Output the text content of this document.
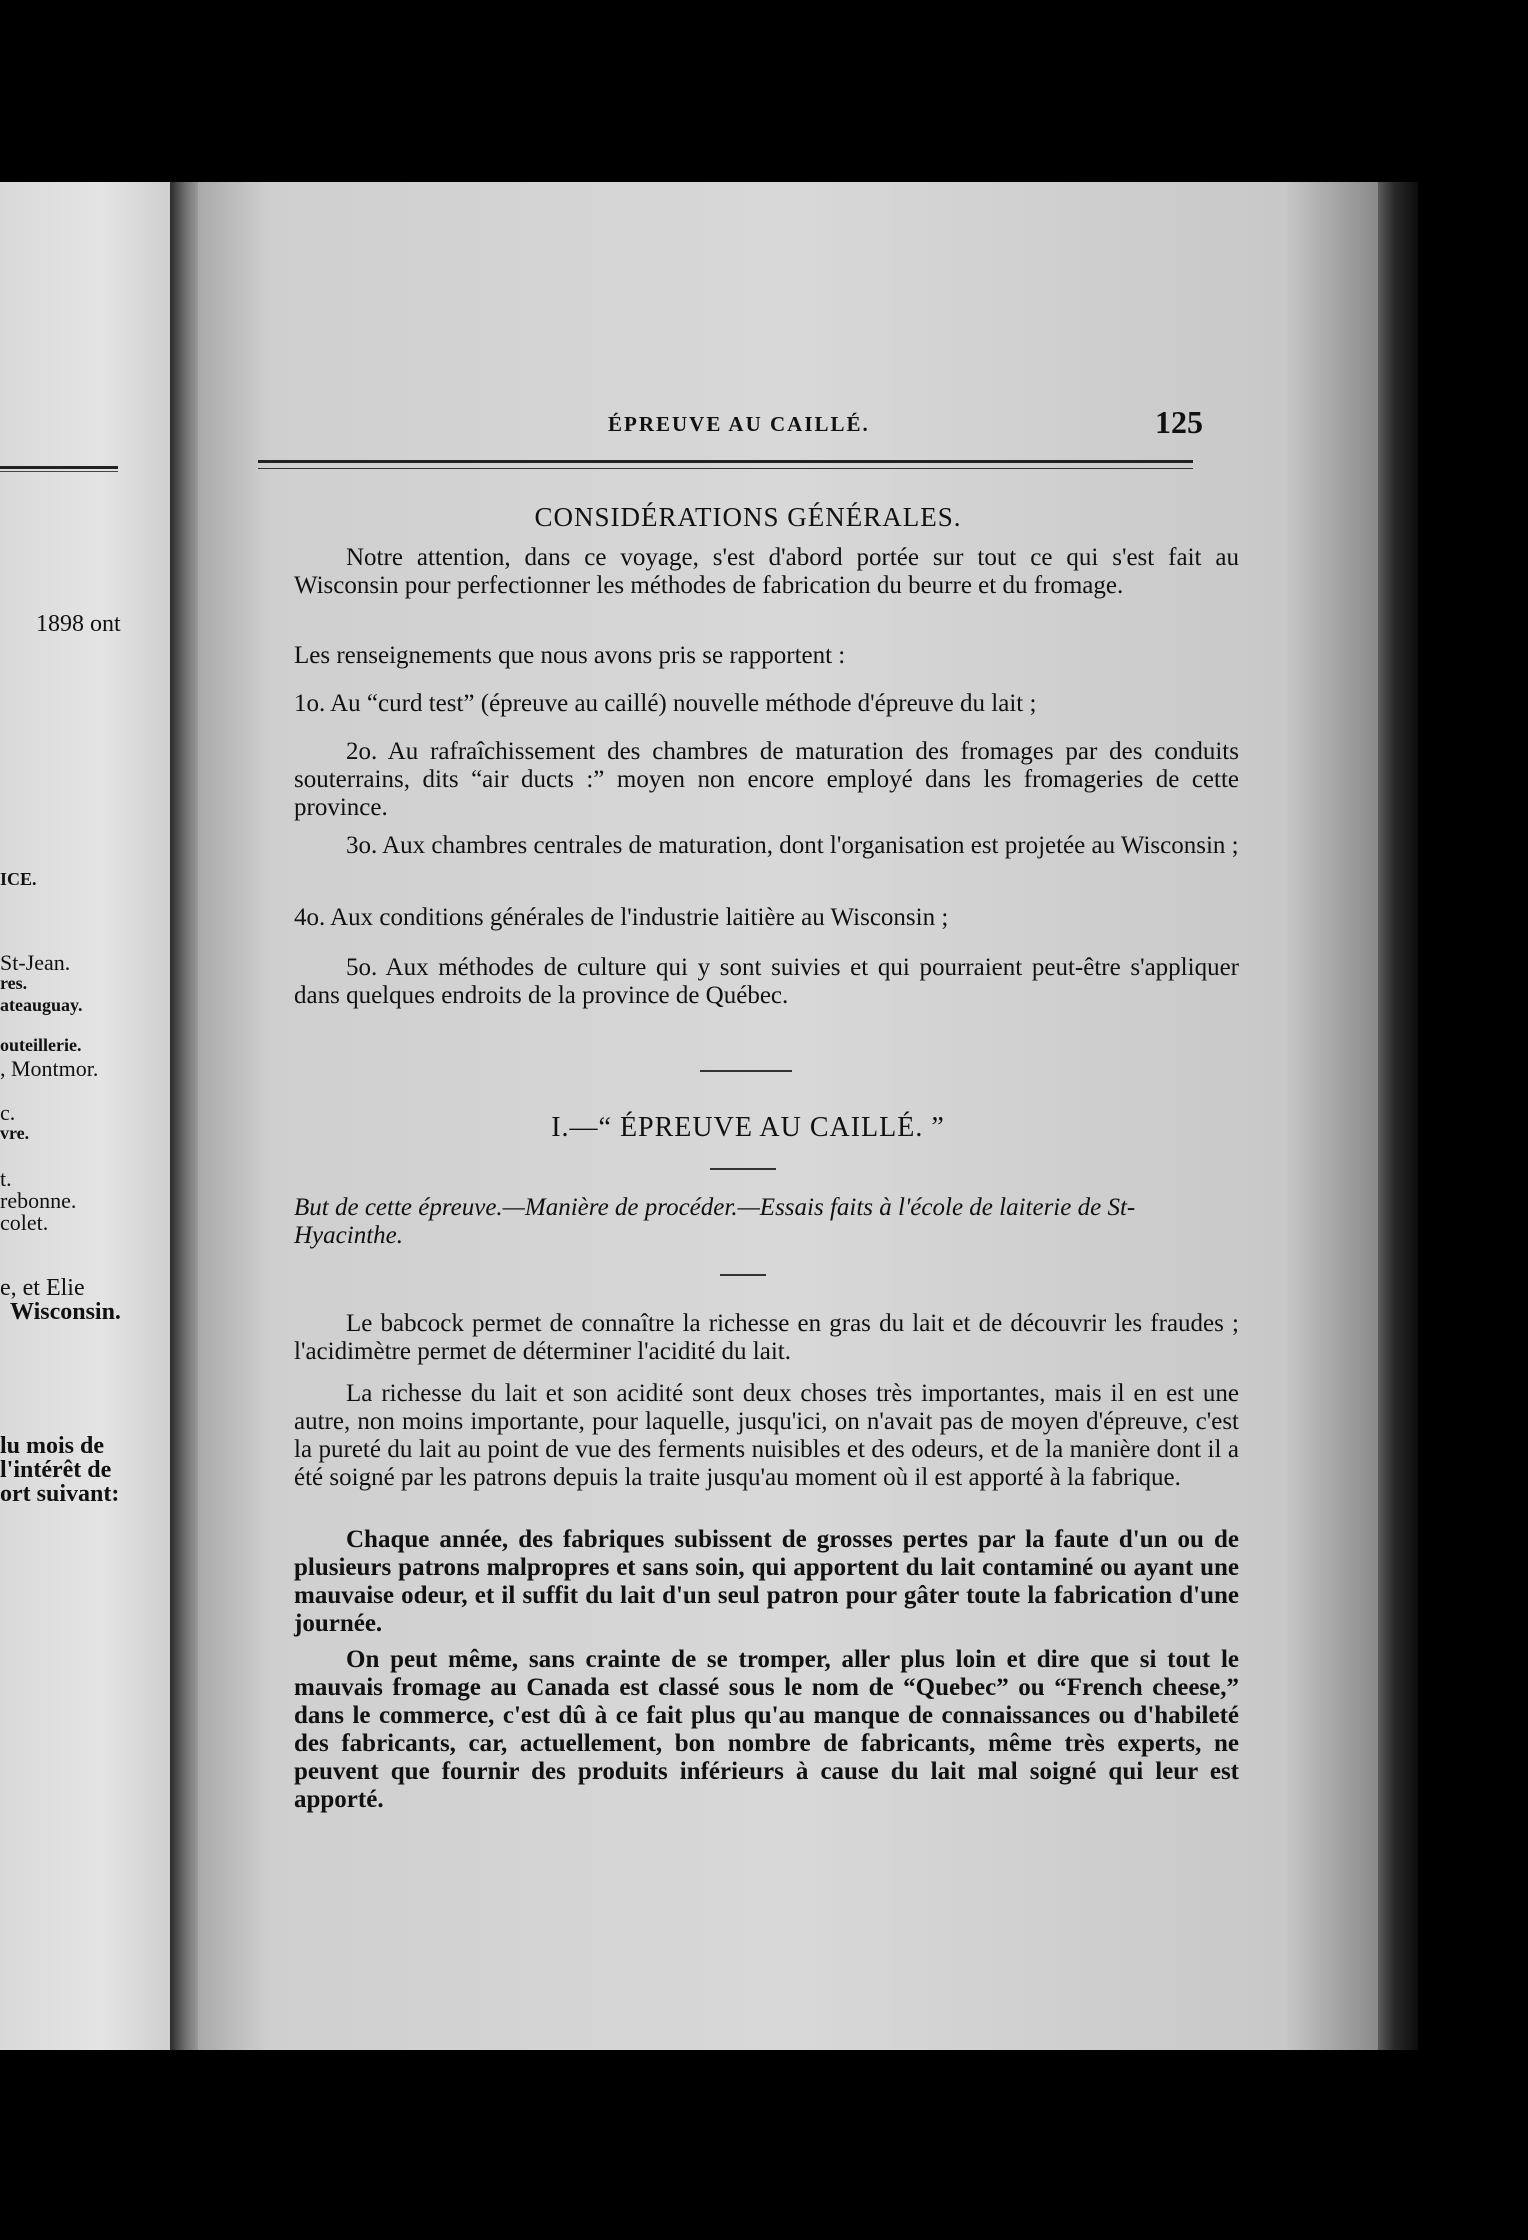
1898 ont
ICE.
St-Jean.
res.
ateauguay.
outeillerie.
, Montmor.
c.
vre.
t.
rebonne.
colet.
e, et Elie
Wisconsin.
lu mois de
l'intérêt de
ort suivant:
ÉPREUVE AU CAILLÉ.	125
CONSIDÉRATIONS GÉNÉRALES.
Notre attention, dans ce voyage, s'est d'abord portée sur tout ce qui s'est fait au Wisconsin pour perfectionner les méthodes de fabrication du beurre et du fromage.
Les renseignements que nous avons pris se rapportent :
1o. Au “curd test” (épreuve au caillé) nouvelle méthode d'épreuve du lait ;
2o. Au rafraîchissement des chambres de maturation des fromages par des conduits souterrains, dits “air ducts :” moyen non encore employé dans les fromageries de cette province.
3o. Aux chambres centrales de maturation, dont l'organisation est projetée au Wisconsin ;
4o. Aux conditions générales de l'industrie laitière au Wisconsin ;
5o. Aux méthodes de culture qui y sont suivies et qui pourraient peut-être s'appliquer dans quelques endroits de la province de Québec.
I.—“ ÉPREUVE AU CAILLÉ. ”
But de cette épreuve.—Manière de procéder.—Essais faits à l'école de laiterie de St-Hyacinthe.
Le babcock permet de connaître la richesse en gras du lait et de découvrir les fraudes ; l'acidimètre permet de déterminer l'acidité du lait.
La richesse du lait et son acidité sont deux choses très importantes, mais il en est une autre, non moins importante, pour laquelle, jusqu'ici, on n'avait pas de moyen d'épreuve, c'est la pureté du lait au point de vue des ferments nuisibles et des odeurs, et de la manière dont il a été soigné par les patrons depuis la traite jusqu'au moment où il est apporté à la fabrique.
Chaque année, des fabriques subissent de grosses pertes par la faute d'un ou de plusieurs patrons malpropres et sans soin, qui apportent du lait contaminé ou ayant une mauvaise odeur, et il suffit du lait d'un seul patron pour gâter toute la fabrication d'une journée.
On peut même, sans crainte de se tromper, aller plus loin et dire que si tout le mauvais fromage au Canada est classé sous le nom de “Quebec” ou “French cheese,” dans le commerce, c'est dû à ce fait plus qu'au manque de connaissances ou d'habileté des fabricants, car, actuellement, bon nombre de fabricants, même très experts, ne peuvent que fournir des produits inférieurs à cause du lait mal soigné qui leur est apporté.
